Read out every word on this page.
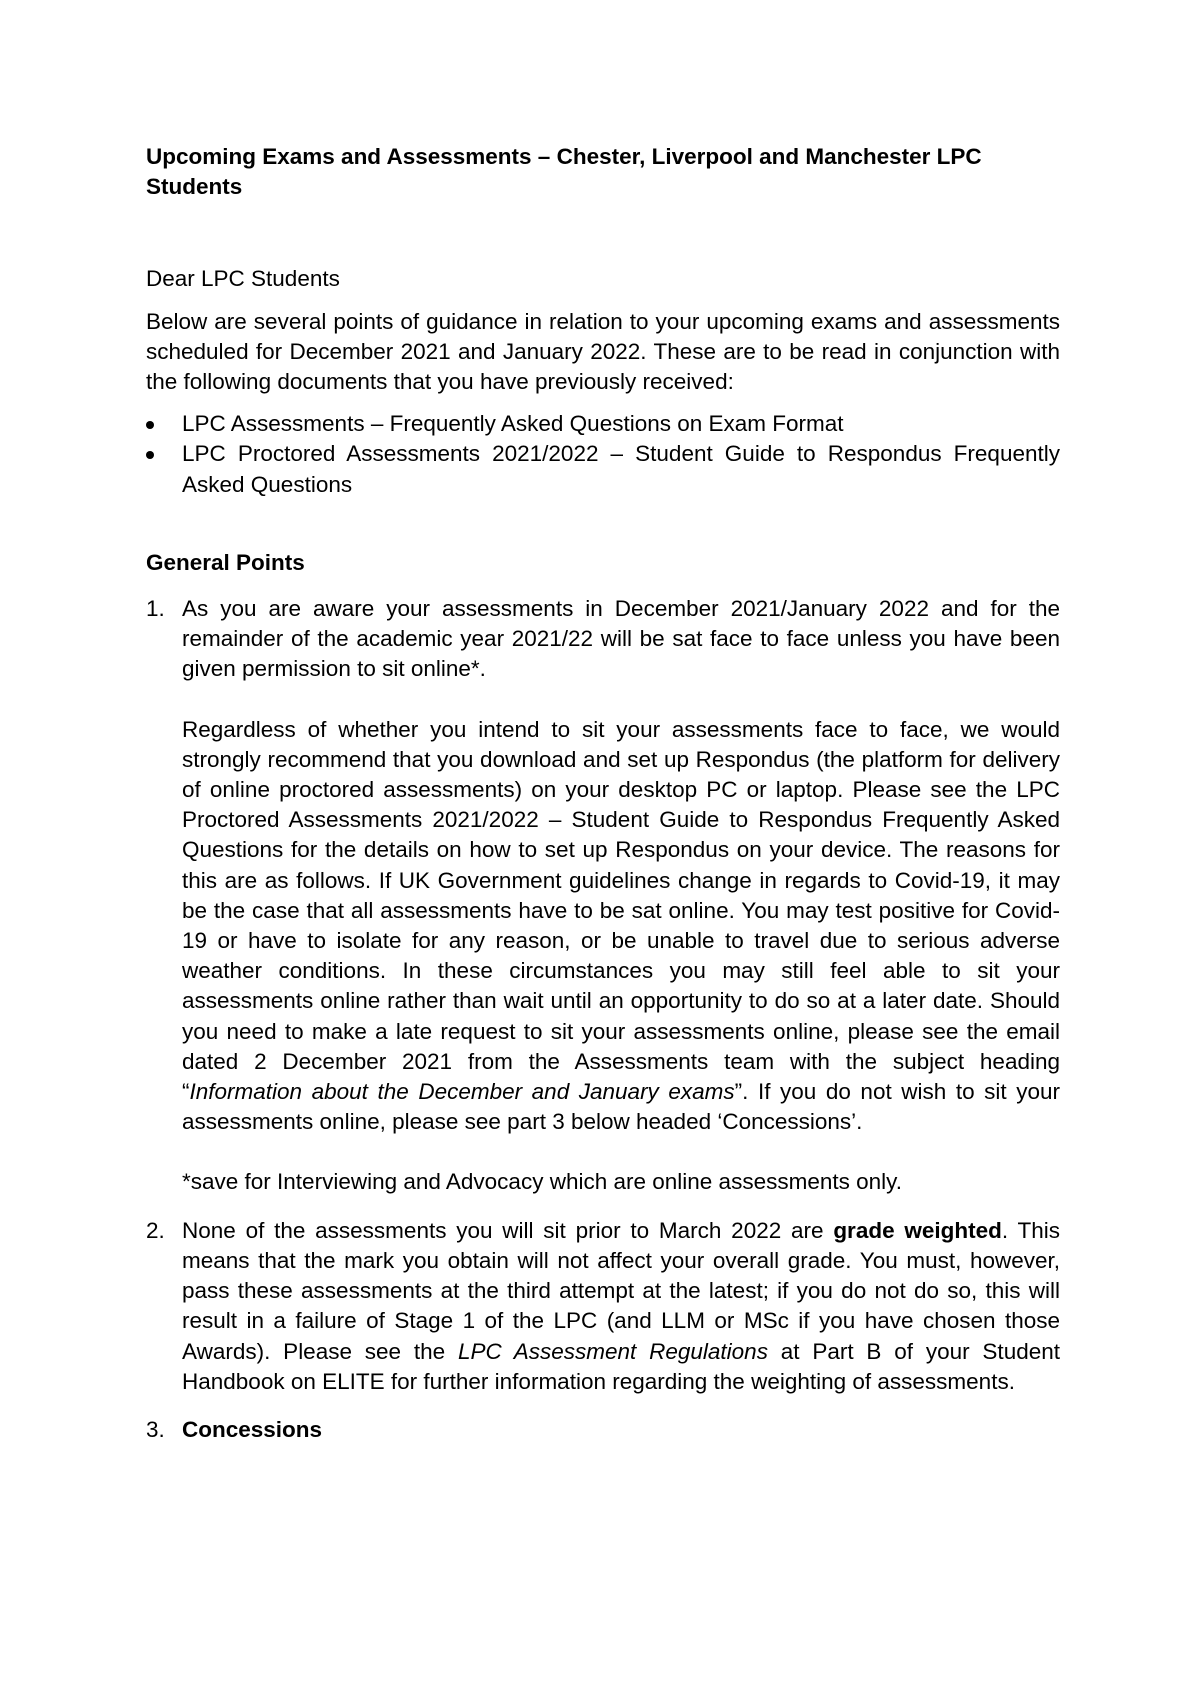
Upcoming Exams and Assessments – Chester, Liverpool and Manchester LPC Students

Dear LPC Students

Below are several points of guidance in relation to your upcoming exams and assessments scheduled for December 2021 and January 2022. These are to be read in conjunction with the following documents that you have previously received:

LPC Assessments – Frequently Asked Questions on Exam Format
LPC Proctored Assessments 2021/2022 – Student Guide to Respondus Frequently Asked Questions

General Points

1. As you are aware your assessments in December 2021/January 2022 and for the remainder of the academic year 2021/22 will be sat face to face unless you have been given permission to sit online*.

Regardless of whether you intend to sit your assessments face to face, we would strongly recommend that you download and set up Respondus (the platform for delivery of online proctored assessments) on your desktop PC or laptop. Please see the LPC Proctored Assessments 2021/2022 – Student Guide to Respondus Frequently Asked Questions for the details on how to set up Respondus on your device. The reasons for this are as follows. If UK Government guidelines change in regards to Covid-19, it may be the case that all assessments have to be sat online. You may test positive for Covid-19 or have to isolate for any reason, or be unable to travel due to serious adverse weather conditions. In these circumstances you may still feel able to sit your assessments online rather than wait until an opportunity to do so at a later date. Should you need to make a late request to sit your assessments online, please see the email dated 2 December 2021 from the Assessments team with the subject heading “Information about the December and January exams”. If you do not wish to sit your assessments online, please see part 3 below headed ‘Concessions’.

*save for Interviewing and Advocacy which are online assessments only.

2. None of the assessments you will sit prior to March 2022 are grade weighted. This means that the mark you obtain will not affect your overall grade. You must, however, pass these assessments at the third attempt at the latest; if you do not do so, this will result in a failure of Stage 1 of the LPC (and LLM or MSc if you have chosen those Awards). Please see the LPC Assessment Regulations at Part B of your Student Handbook on ELITE for further information regarding the weighting of assessments.

3. Concessions
